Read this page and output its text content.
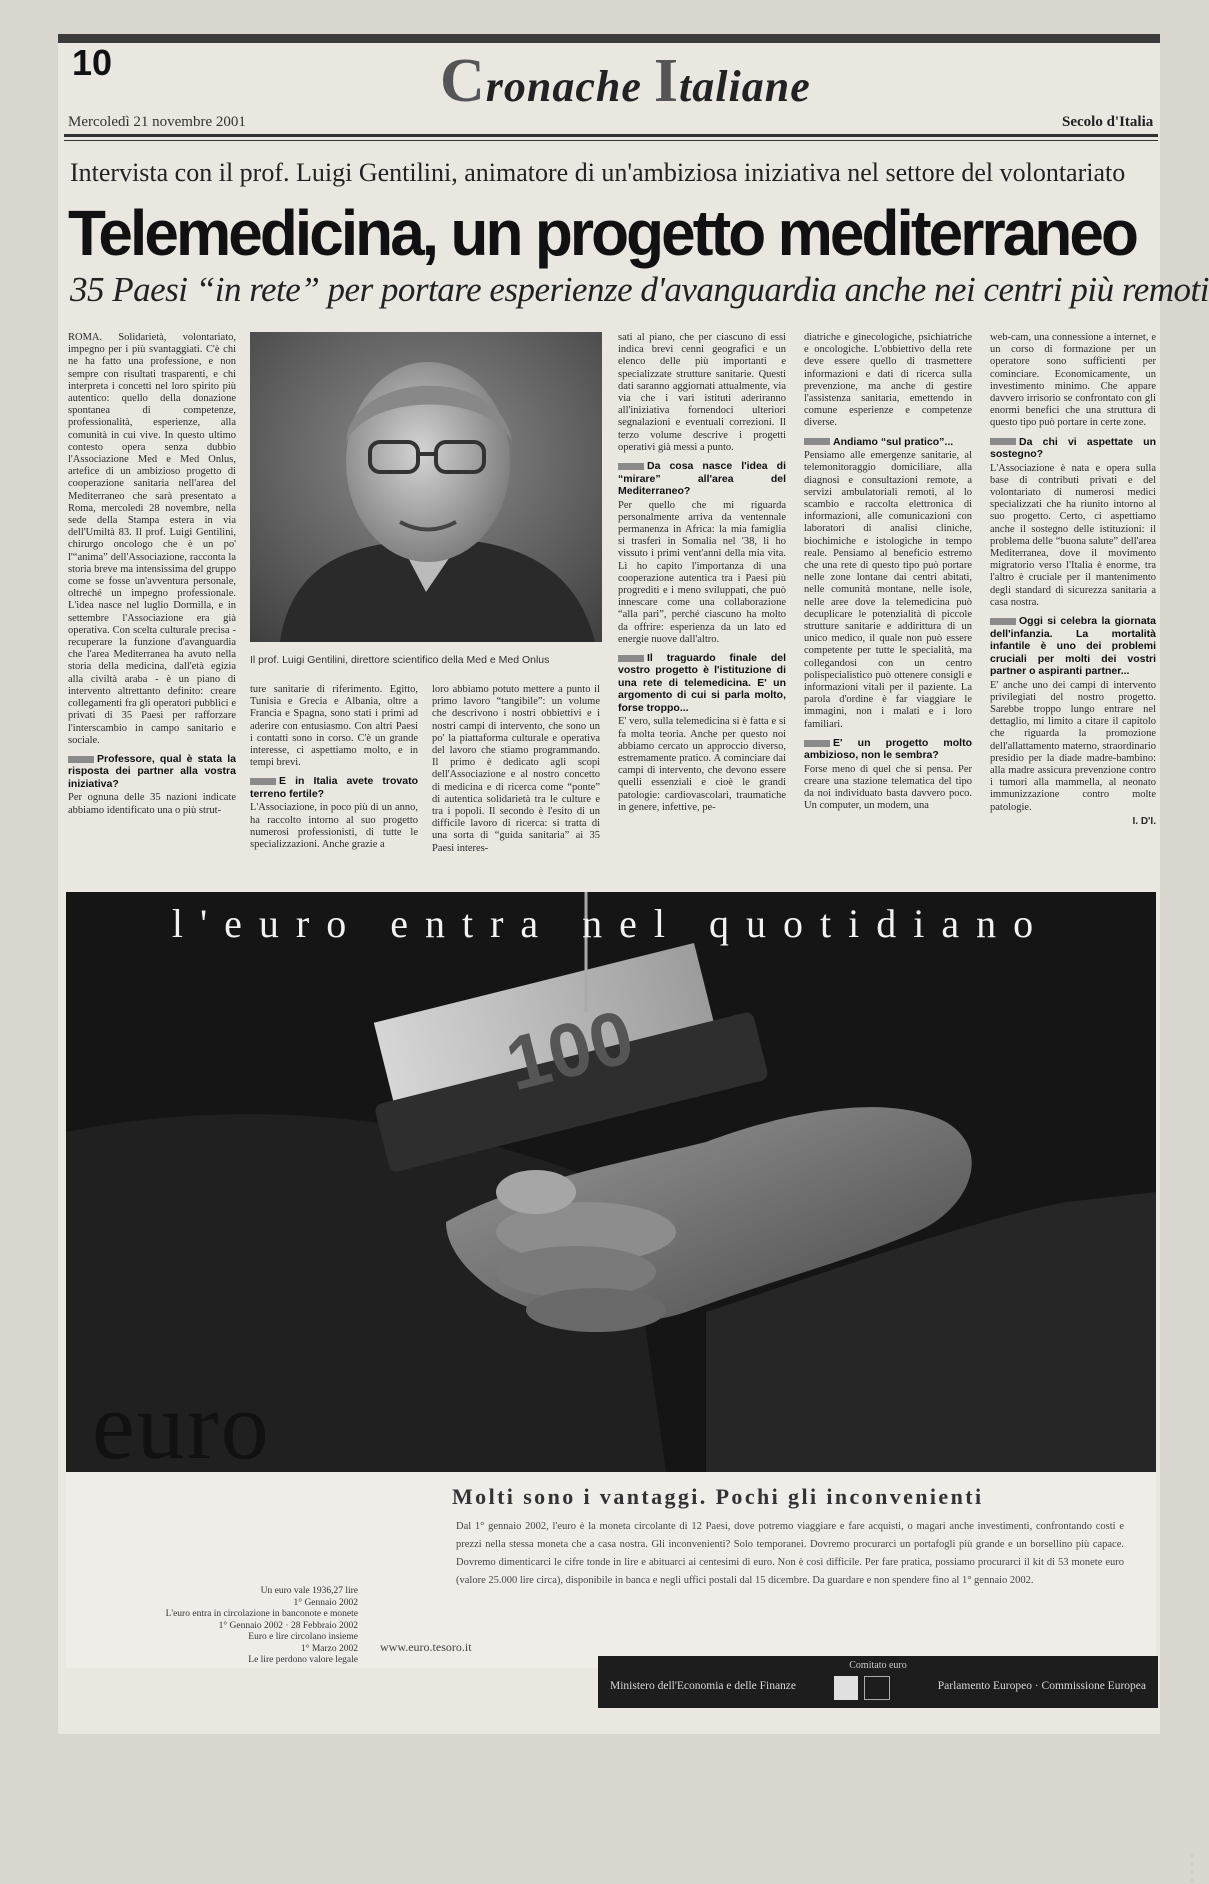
10	Cronache Italiane
Mercoledì 21 novembre 2001	Secolo d'Italia
Intervista con il prof. Luigi Gentilini, animatore di un'ambiziosa iniziativa nel settore del volontariato
Telemedicina, un progetto mediterraneo
35 Paesi “in rete” per portare esperienze d'avanguardia anche nei centri più remoti

ROMA. Solidarietà, volontariato, impegno per i più svantaggiati. C'è chi ne ha fatto una professione, e non sempre con risultati trasparenti, e chi interpreta i concetti nel loro spirito più autentico: quello della donazione spontanea di competenze, professionalità, esperienze, alla comunità in cui vive. In questo ultimo contesto opera senza dubbio l'Associazione Med e Med Onlus, artefice di un ambizioso progetto di cooperazione sanitaria nell'area del Mediterraneo che sarà presentato a Roma, mercoledì 28 novembre, nella sede della Stampa estera in via dell'Umiltà 83. Il prof. Luigi Gentilini, chirurgo oncologo che è un po' l'“anima” dell'Associazione, racconta la storia breve ma intensissima del gruppo come se fosse un'avventura personale, oltreché un impegno professionale. L'idea nasce nel luglio Dormilla, e in settembre l'Associazione era già operativa. Con scelta culturale precisa - recuperare la funzione d'avanguardia che l'area Mediterranea ha avuto nella storia della medicina, dall'età egizia alla civiltà araba - è un piano di intervento altrettanto definito: creare collegamenti fra gli operatori pubblici e privati di 35 Paesi per rafforzare l'interscambio in campo sanitario e sociale.

Professore, qual è stata la risposta dei partner alla vostra iniziativa?

Per ognuna delle 35 nazioni indicate abbiamo identificato una o più strut-

Il prof. Luigi Gentilini, direttore scientifico della Med e Med Onlus

ture sanitarie di riferimento. Egitto, Tunisia e Grecia e Albania, oltre a Francia e Spagna, sono stati i primi ad aderire con entusiasmo. Con altri Paesi i contatti sono in corso. C'è un grande interesse, ci aspettiamo molto, e in tempi brevi.

E in Italia avete trovato terreno fertile?

L'Associazione, in poco più di un anno, ha raccolto intorno al suo progetto numerosi professionisti, di tutte le specializzazioni. Anche grazie a

loro abbiamo potuto mettere a punto il primo lavoro “tangibile”: un volume che descrivono i nostri obbiettivi e i nostri campi di intervento, che sono un po' la piattaforma culturale e operativa del lavoro che stiamo programmando. Il primo è dedicato agli scopi dell'Associazione e al nostro concetto di medicina e di ricerca come “ponte” di autentica solidarietà tra le culture e tra i popoli. Il secondo è l'esito di un difficile lavoro di ricerca: si tratta di una sorta di “guida sanitaria” ai 35 Paesi interes-

sati al piano, che per ciascuno di essi indica brevi cenni geografici e un elenco delle più importanti e specializzate strutture sanitarie. Questi dati saranno aggiornati attualmente, via via che i vari istituti aderiranno all'iniziativa fornendoci ulteriori segnalazioni e eventuali correzioni. Il terzo volume descrive i progetti operativi già messi a punto.

Da cosa nasce l'idea di “mirare” all'area del Mediterraneo?

Per quello che mi riguarda personalmente arriva da ventennale permanenza in Africa: la mia famiglia si trasferì in Somalia nel '38, li ho vissuto i primi vent'anni della mia vita. Lì ho capito l'importanza di una cooperazione autentica tra i Paesi più progrediti e i meno sviluppati, che può innescare come una collaborazione “alla pari”, perché ciascuno ha molto da offrire: esperienza da un lato ed energie nuove dall'altro.

Il traguardo finale del vostro progetto è l'istituzione di una rete di telemedicina. E' un argomento di cui si parla molto, forse troppo...

E' vero, sulla telemedicina si è fatta e si fa molta teoria. Anche per questo noi abbiamo cercato un approccio diverso, estremamente pratico. A cominciare dai campi di intervento, che devono essere quelli essenziali e cioè le grandi patologie: cardiovascolari, traumatiche in genere, infettive, pe-

diatriche e ginecologiche, psichiatriche e oncologiche. L'obbiettivo della rete deve essere quello di trasmettere informazioni e dati di ricerca sulla prevenzione, ma anche di gestire l'assistenza sanitaria, emettendo in comune esperienze e competenze diverse.

Andiamo “sul pratico”...

Pensiamo alle emergenze sanitarie, al telemonitoraggio domiciliare, alla diagnosi e consultazioni remote, a servizi ambulatoriali remoti, al lo scambio e raccolta elettronica di informazioni, alle comunicazioni con laboratori di analisi cliniche, biochimiche e istologiche in tempo reale. Pensiamo al beneficio estremo che una rete di questo tipo può portare nelle zone lontane dai centri abitati, nelle comunità montane, nelle isole, nelle aree dove la telemedicina può decuplicare le potenzialità di piccole strutture sanitarie e addirittura di un unico medico, il quale non può essere competente per tutte le specialità, ma collegandosi con un centro polispecialistico può ottenere consigli e informazioni vitali per il paziente. La parola d'ordine è far viaggiare le immagini, non i malati e i loro familiari.

E' un progetto molto ambizioso, non le sembra?

Forse meno di quel che si pensa. Per creare una stazione telematica del tipo da noi individuato basta davvero poco. Un computer, un modem, una

web-cam, una connessione a internet, e un corso di formazione per un operatore sono sufficienti per cominciare. Economicamente, un investimento minimo. Che appare davvero irrisorio se confrontato con gli enormi benefici che una struttura di questo tipo può portare in certe zone.

Da chi vi aspettate un sostegno?

L'Associazione è nata e opera sulla base di contributi privati e del volontariato di numerosi medici specializzati che ha riunito intorno al suo progetto. Certo, ci aspettiamo anche il sostegno delle istituzioni: il problema delle “buona salute” dell'area Mediterranea, dove il movimento migratorio verso l'Italia è enorme, tra l'altro è cruciale per il mantenimento degli standard di sicurezza sanitaria a casa nostra.

Oggi si celebra la giornata dell'infanzia. La mortalità infantile è uno dei problemi cruciali per molti dei vostri partner o aspiranti partner...

E' anche uno dei campi di intervento privilegiati del nostro progetto. Sarebbe troppo lungo entrare nel dettaglio, mi limito a citare il capitolo che riguarda la promozione dell'allattamento materno, straordinario presidio per la diade madre-bambino: alla madre assicura prevenzione contro i tumori alla mammella, al neonato immunizzazione contro molte patologie.

I. D'I.
100
l'euro entra nel quotidiano
●●●●
euro
Molti sono i vantaggi. Pochi gli inconvenienti
Dal 1° gennaio 2002, l'euro è la moneta circolante di 12 Paesi, dove potremo viaggiare e fare acquisti, o magari anche investimenti, confrontando costi e prezzi nella stessa moneta che a casa nostra. Gli inconvenienti? Solo temporanei. Dovremo procurarci un portafogli più grande e un borsellino più capace. Dovremo dimenticarci le cifre tonde in lire e abituarci ai centesimi di euro. Non è così difficile. Per fare pratica, possiamo procurarci il kit di 53 monete euro (valore 25.000 lire circa), disponibile in banca e negli uffici postali dal 15 dicembre. Da guardare e non spendere fino al 1° gennaio 2002.
Un euro vale 1936,27 lire
1° Gennaio 2002
L'euro entra in circolazione in banconote e monete
1° Gennaio 2002 · 28 Febbraio 2002
Euro e lire circolano insieme
1° Marzo 2002
Le lire perdono valore legale
www.euro.tesoro.it
Comitato euro
Ministero dell'Economia e delle Finanze	Parlamento Europeo · Commissione Europea
